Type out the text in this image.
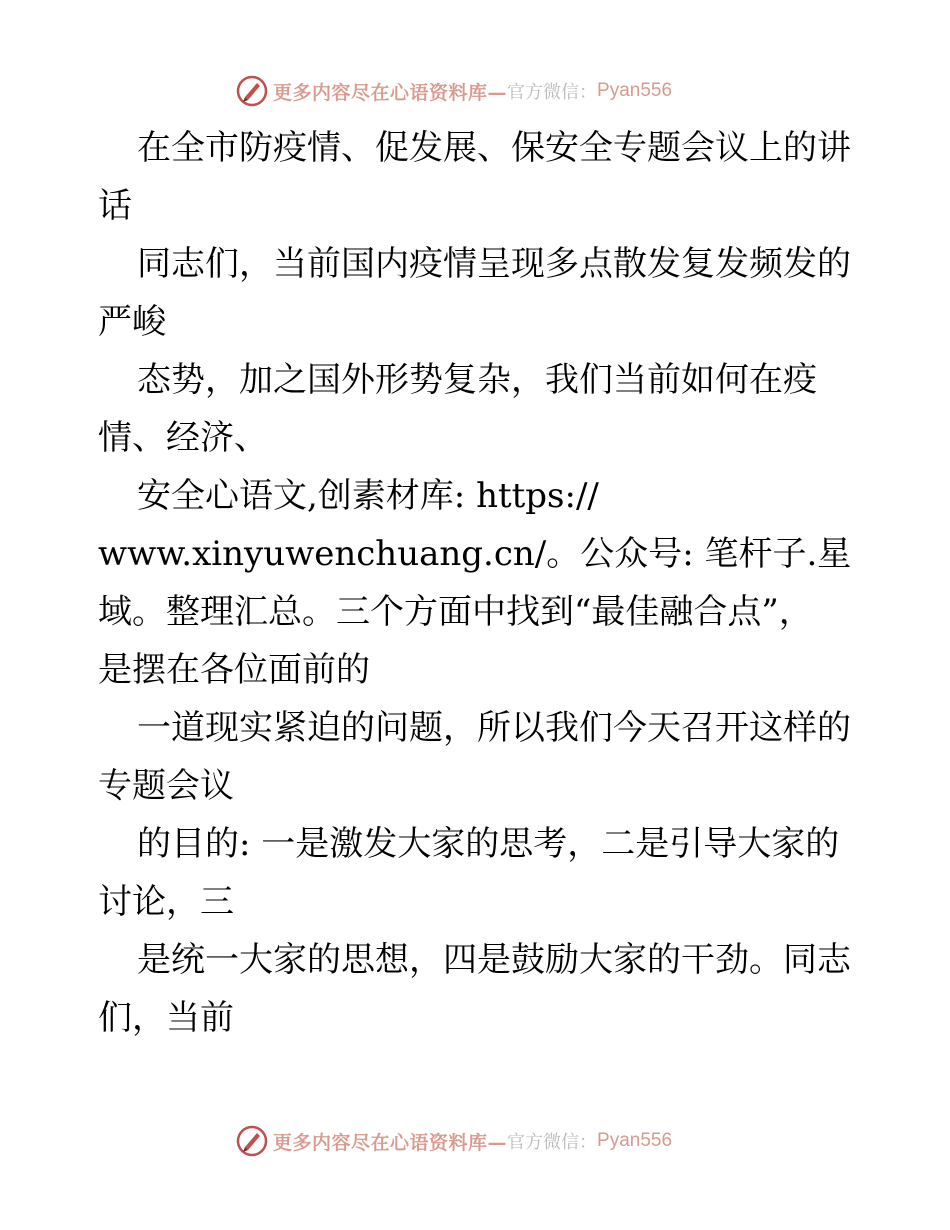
更多内容尽在心语资料库— 官方微信： Pyan556
在全市防疫情、促发展、保安全专题会议上的讲
话
同志们，当前国内疫情呈现多点散发复发频发的
严峻
态势，加之国外形势复杂，我们当前如何在疫
情、经济、
安全心语文,创素材库: https://
www.xinyuwenchuang.cn/。公众号: 笔杆子.星
域。整理汇总。三个方面中找到“最佳融合点”，
是摆在各位面前的
一道现实紧迫的问题，所以我们今天召开这样的
专题会议
的目的: 一是激发大家的思考，二是引导大家的
讨论，三
是统一大家的思想，四是鼓励大家的干劲。同志
们，当前
更多内容尽在心语资料库— 官方微信： Pyan556
